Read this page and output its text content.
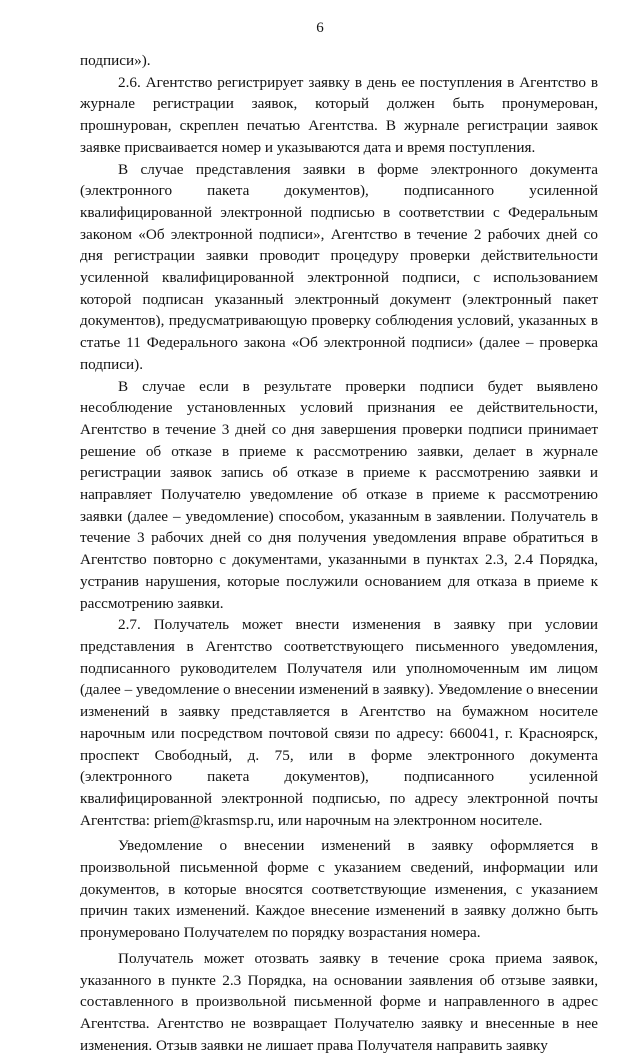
6

подписи»).

2.6. Агентство регистрирует заявку в день ее поступления в Агентство в журнале регистрации заявок, который должен быть пронумерован, прошнурован, скреплен печатью Агентства. В журнале регистрации заявок заявке присваивается номер и указываются дата и время поступления.

В случае представления заявки в форме электронного документа (электронного пакета документов), подписанного усиленной квалифицированной электронной подписью в соответствии с Федеральным законом «Об электронной подписи», Агентство в течение 2 рабочих дней со дня регистрации заявки проводит процедуру проверки действительности усиленной квалифицированной электронной подписи, с использованием которой подписан указанный электронный документ (электронный пакет документов), предусматривающую проверку соблюдения условий, указанных в статье 11 Федерального закона «Об электронной подписи» (далее – проверка подписи).

В случае если в результате проверки подписи будет выявлено несоблюдение установленных условий признания ее действительности, Агентство в течение 3 дней со дня завершения проверки подписи принимает решение об отказе в приеме к рассмотрению заявки, делает в журнале регистрации заявок запись об отказе в приеме к рассмотрению заявки и направляет Получателю уведомление об отказе в приеме к рассмотрению заявки (далее – уведомление) способом, указанным в заявлении. Получатель в течение 3 рабочих дней со дня получения уведомления вправе обратиться в Агентство повторно с документами, указанными в пунктах 2.3, 2.4 Порядка, устранив нарушения, которые послужили основанием для отказа в приеме к рассмотрению заявки.

2.7. Получатель может внести изменения в заявку при условии представления в Агентство соответствующего письменного уведомления, подписанного руководителем Получателя или уполномоченным им лицом (далее – уведомление о внесении изменений в заявку). Уведомление о внесении изменений в заявку представляется в Агентство на бумажном носителе нарочным или посредством почтовой связи по адресу: 660041, г. Красноярск, проспект Свободный, д. 75, или в форме электронного документа (электронного пакета документов), подписанного усиленной квалифицированной электронной подписью, по адресу электронной почты Агентства: priem@krasmsp.ru, или нарочным на электронном носителе.

Уведомление о внесении изменений в заявку оформляется в произвольной письменной форме с указанием сведений, информации или документов, в которые вносятся соответствующие изменения, с указанием причин таких изменений. Каждое внесение изменений в заявку должно быть пронумеровано Получателем по порядку возрастания номера.

Получатель может отозвать заявку в течение срока приема заявок, указанного в пункте 2.3 Порядка, на основании заявления об отзыве заявки, составленного в произвольной письменной форме и направленного в адрес Агентства. Агентство не возвращает Получателю заявку и внесенные в нее изменения. Отзыв заявки не лишает права Получателя направить заявку
